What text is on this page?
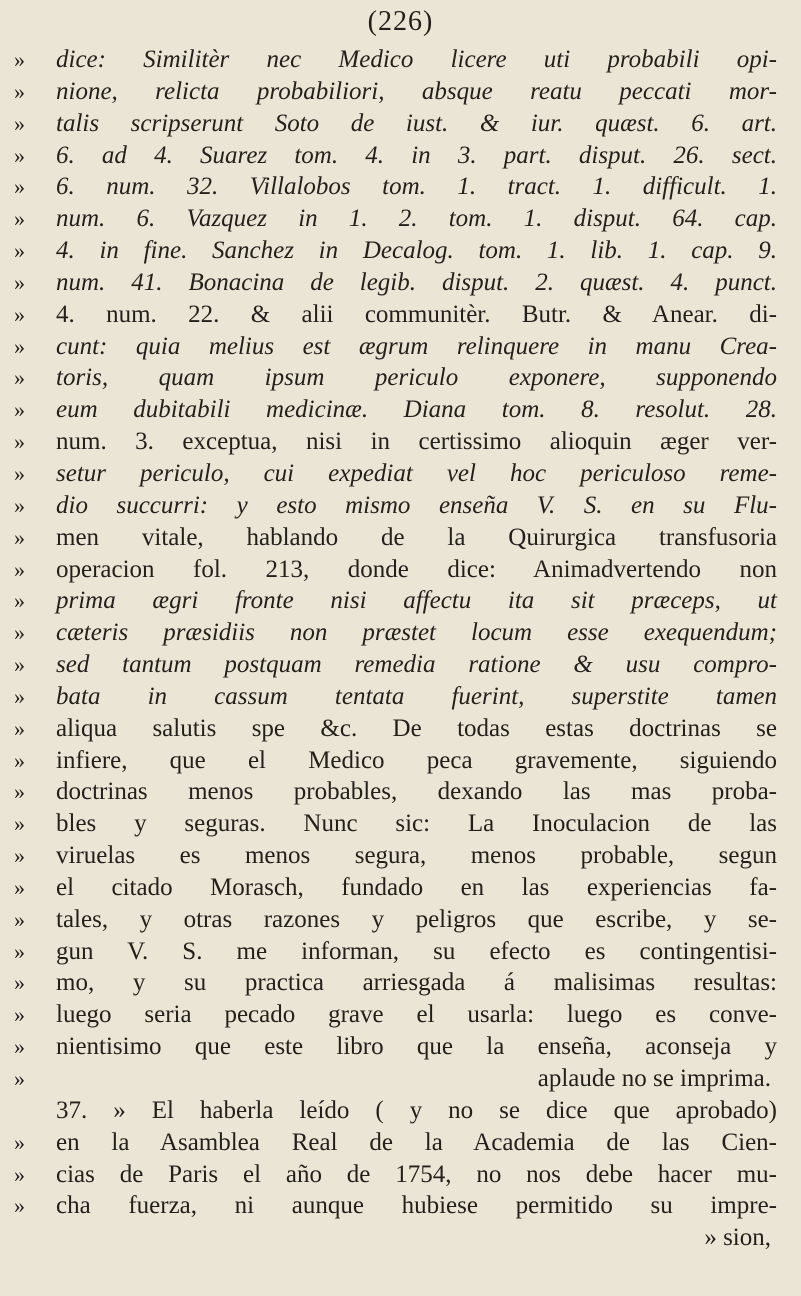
(226)
»	dice: Similitèr nec Medico licere uti probabili opi-
»	nione, relicta probabiliori, absque reatu peccati mor-
»	talis scripserunt Soto de iust. & iur. quæst. 6. art.
»	6. ad 4. Suarez tom. 4. in 3. part. disput. 26. sect.
»	6. num. 32. Villalobos tom. 1. tract. 1. difficult. 1.
»	num. 6. Vazquez in 1. 2. tom. 1. disput. 64. cap.
»	4. in fine. Sanchez in Decalog. tom. 1. lib. 1. cap. 9.
»	num. 41. Bonacina de legib. disput. 2. quæst. 4. punct.
»	4. num. 22. & alii communitèr. Butr. & Anear. di-
»	cunt: quia melius est ægrum relinquere in manu Crea-
»	toris, quam ipsum periculo exponere, supponendo
»	eum dubitabili medicinæ. Diana tom. 8. resolut. 28.
»	num. 3. exceptua, nisi in certissimo alioquin æger ver-
»	setur periculo, cui expediat vel hoc periculoso reme-
»	dio succurri: y esto mismo enseña V. S. en su Flu-
»	men vitale, hablando de la Quirurgica transfusoria
»	operacion fol. 213, donde dice: Animadvertendo non
»	prima ægri fronte nisi affectu ita sit præceps, ut
»	cæteris præsidiis non præstet locum esse exequendum;
»	sed tantum postquam remedia ratione & usu compro-
»	bata in cassum tentata fuerint, superstite tamen
»	aliqua salutis spe &c. De todas estas doctrinas se
»	infiere, que el Medico peca gravemente, siguiendo
»	doctrinas menos probables, dexando las mas proba-
»	bles y seguras. Nunc sic: La Inoculacion de las
»	viruelas es menos segura, menos probable, segun
»	el citado Morasch, fundado en las experiencias fa-
»	tales, y otras razones y peligros que escribe, y se-
»	gun V. S. me informan, su efecto es contingentisi-
»	mo, y su practica arriesgada á malisimas resultas:
»	luego seria pecado grave el usarla: luego es conve-
»	nientisimo que este libro que la enseña, aconseja y
»	aplaude no se imprima.
37. » El haberla leído ( y no se dice que aprobado)
»	en la Asamblea Real de la Academia de las Cien-
»	cias de Paris el año de 1754, no nos debe hacer mu-
»	cha fuerza, ni aunque hubiese permitido su impre-
» sion,
